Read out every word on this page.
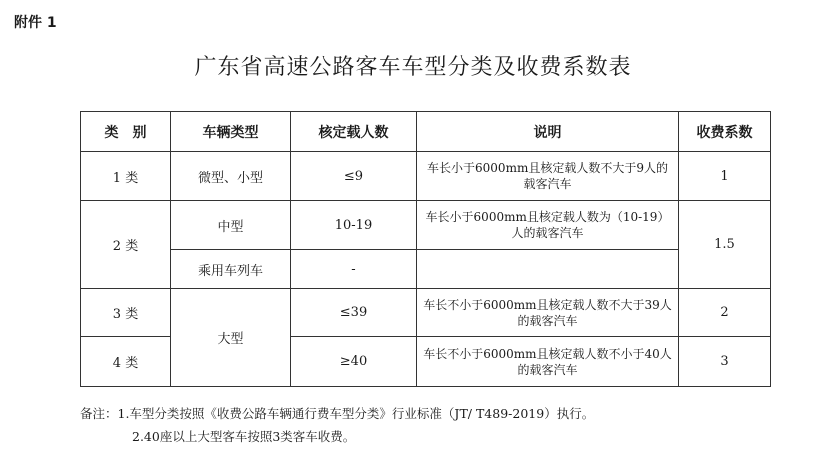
附件 1
广东省高速公路客车车型分类及收费系数表
类　别	车辆类型	核定载人数	说明	收费系数
1 类	微型、小型	≤9	车长小于6000mm且核定载人数不大于9人的载客汽车	1
2 类	中型	10-19	车长小于6000mm且核定载人数为（10-19）人的载客汽车	1.5
	乘用车列车	-		
3 类	大型	≤39	车长不小于6000mm且核定载人数不大于39人的载客汽车	2
4 类		≥40	车长不小于6000mm且核定载人数不小于40人的载客汽车	3
备注：1.车型分类按照《收费公路车辆通行费车型分类》行业标准（JT/ T489-2019）执行。
2.40座以上大型客车按照3类客车收费。
